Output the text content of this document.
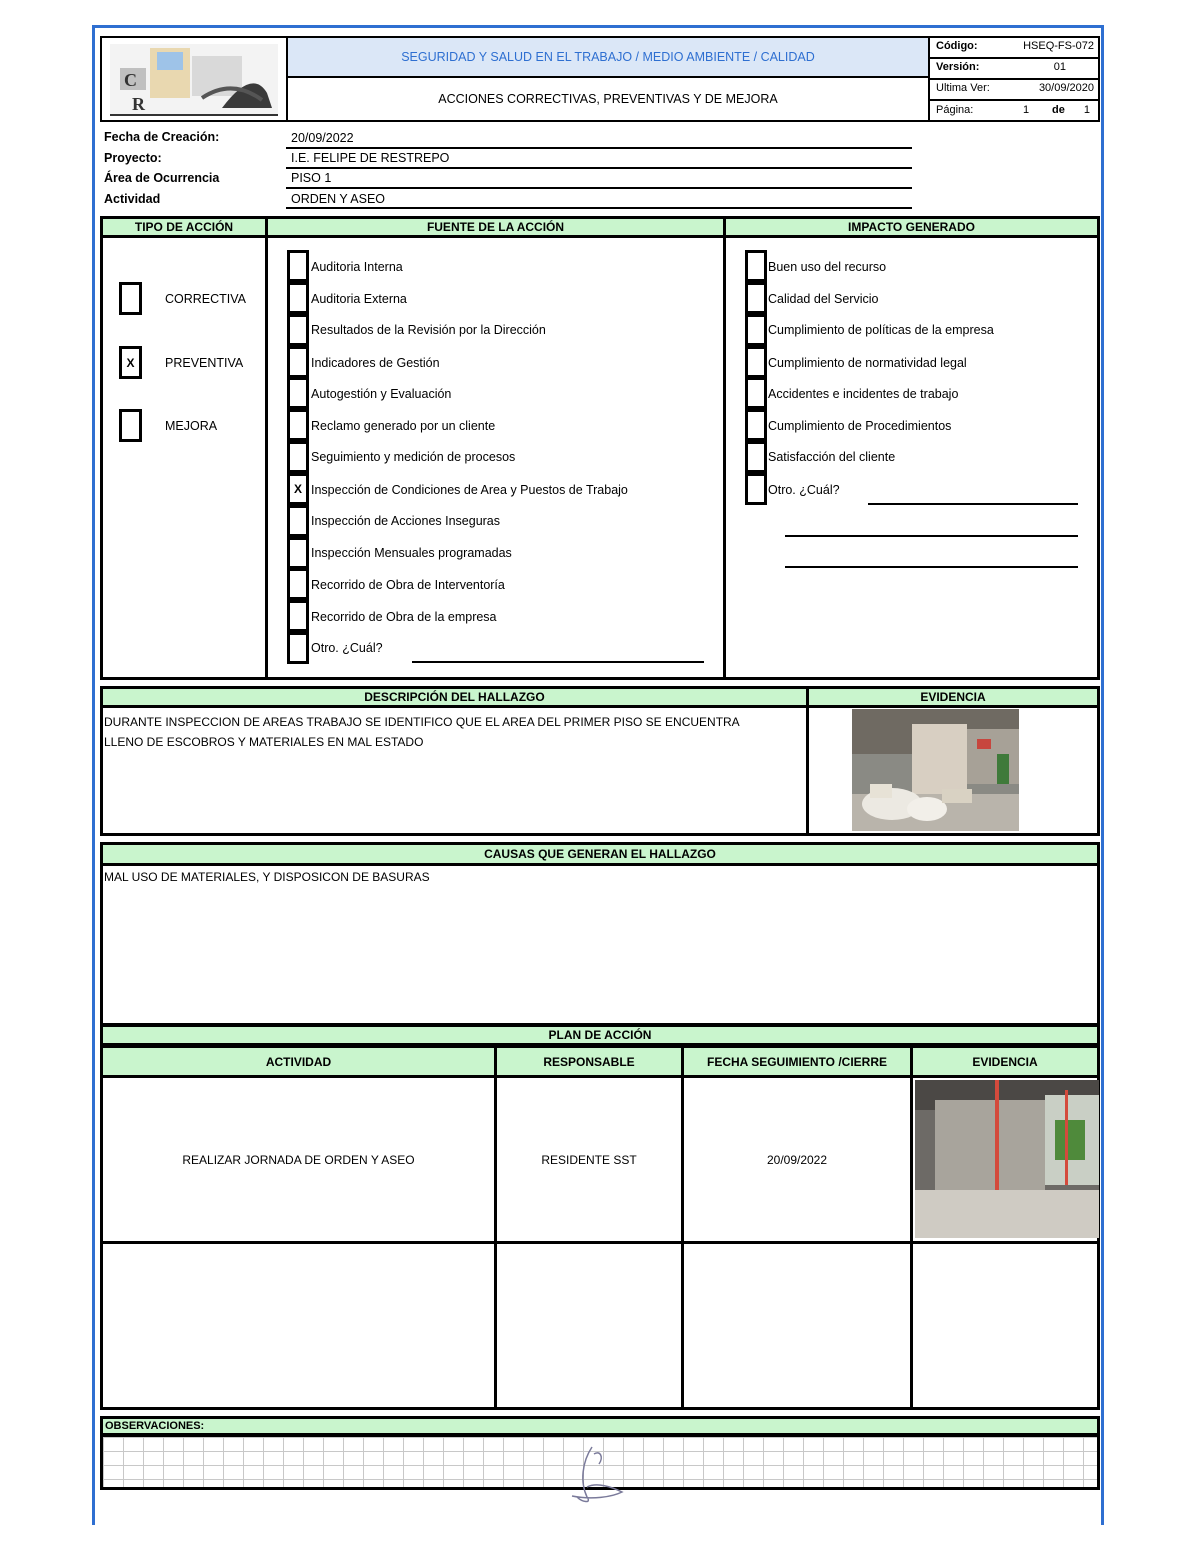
C
R
SEGURIDAD Y SALUD EN EL TRABAJO / MEDIO AMBIENTE / CALIDAD
ACCIONES CORRECTIVAS, PREVENTIVAS Y DE MEJORA
Código:	HSEQ-FS-072
Versión:	01
Ultima Ver:	30/09/2020
Página:	1 de 1
Fecha de Creación:	20/09/2022
Proyecto:	I.E. FELIPE DE RESTREPO
Área de Ocurrencia	PISO 1
Actividad	ORDEN Y ASEO
TIPO DE ACCIÓN	FUENTE DE LA ACCIÓN	IMPACTO GENERADO
CORRECTIVA
X PREVENTIVA
MEJORA
Auditoria Interna
Auditoria Externa
Resultados de la Revisión por la Dirección
Indicadores de Gestión
Autogestión y Evaluación
Reclamo generado por un cliente
Seguimiento y medición de procesos
X Inspección de Condiciones de Area y Puestos de Trabajo
Inspección de Acciones Inseguras
Inspección Mensuales programadas
Recorrido de Obra de Interventoría
Recorrido de Obra de la empresa
Otro. ¿Cuál?
Buen uso del recurso
Calidad del Servicio
Cumplimiento de políticas de la empresa
Cumplimiento de normatividad legal
Accidentes e incidentes de trabajo
Cumplimiento de Procedimientos
Satisfacción del cliente
Otro. ¿Cuál?
DESCRIPCIÓN DEL HALLAZGO
DURANTE INSPECCION DE AREAS TRABAJO SE IDENTIFICO QUE EL AREA DEL PRIMER PISO SE ENCUENTRA
LLENO DE ESCOBROS Y MATERIALES EN MAL ESTADO
EVIDENCIA
CAUSAS QUE GENERAN EL HALLAZGO
MAL USO DE MATERIALES, Y DISPOSICON DE BASURAS
PLAN DE ACCIÓN
ACTIVIDAD	RESPONSABLE	FECHA SEGUIMIENTO /CIERRE	EVIDENCIA
REALIZAR JORNADA DE ORDEN Y ASEO	RESIDENTE SST	20/09/2022
OBSERVACIONES:
